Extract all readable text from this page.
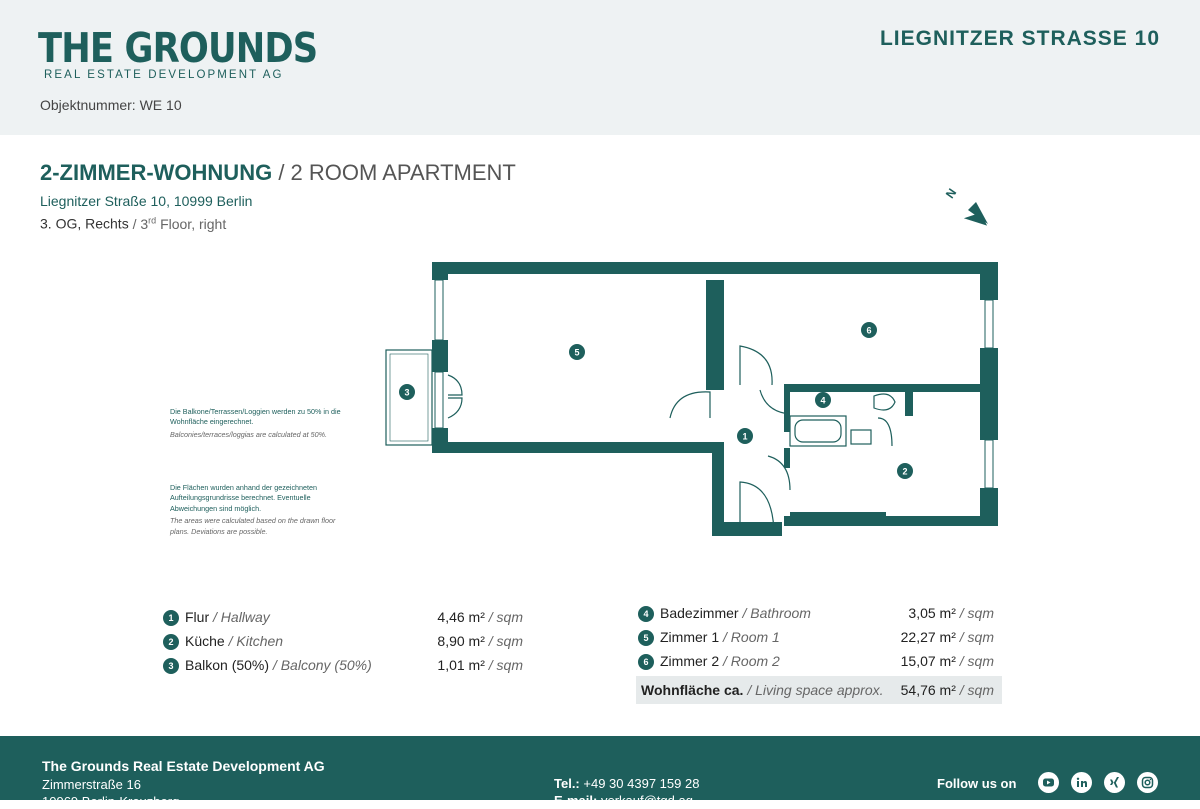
THE GROUNDS
REAL ESTATE DEVELOPMENT AG
Objektnummer: WE 10
LIEGNITZER STRASSE 10
2-ZIMMER-WOHNUNG / 2 ROOM APARTMENT
Liegnitzer Straße 10, 10999 Berlin
3. OG, Rechts / 3rd Floor, right
Die Balkone/Terrassen/Loggien werden zu 50% in die Wohnfläche eingerechnet.
Balconies/terraces/loggias are calculated at 50%.
Die Flächen wurden anhand der gezeichneten Aufteilungsgrundrisse berechnet. Eventuelle Abweichungen sind möglich.
The areas were calculated based on the drawn floor plans. Deviations are possible.
N
1
2
3
4
5
6
1 Flur / Hallway	4,46 m² / sqm
2 Küche / Kitchen	8,90 m² / sqm
3 Balkon (50%) / Balcony (50%)	1,01 m² / sqm
4 Badezimmer / Bathroom	3,05 m² / sqm
5 Zimmer 1 / Room 1	22,27 m² / sqm
6 Zimmer 2 / Room 2	15,07 m² / sqm
Wohnfläche ca. / Living space approx. 54,76 m² / sqm
The Grounds Real Estate Development AG
Zimmerstraße 16
10969 Berlin-Kreuzberg
Tel.: +49 30 4397 159 28
E-mail: verkauf@tgd.ag
Follow us on
